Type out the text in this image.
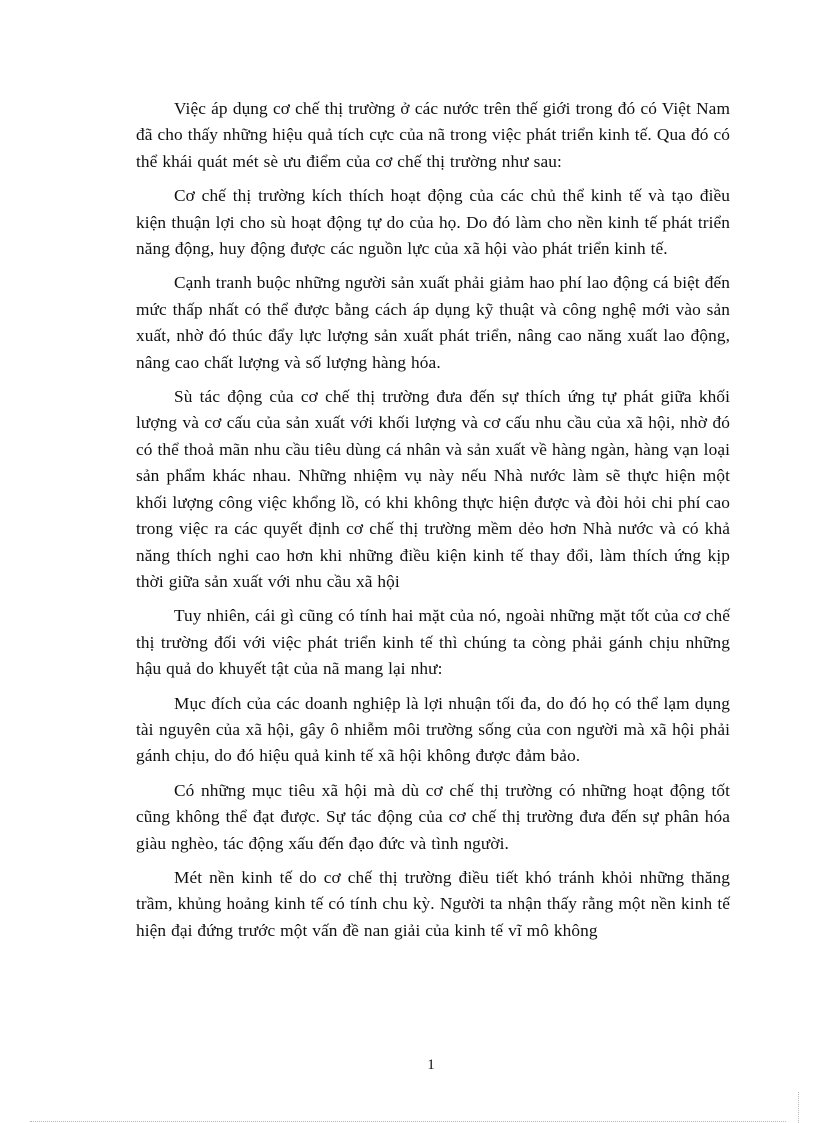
Việc áp dụng cơ chế thị trường ở các nước trên thế giới trong đó có Việt Nam đã cho thấy những hiệu quả tích cực của nã trong việc phát triển kinh tế. Qua đó có thể khái quát mét sè ưu điểm của cơ chế thị trường như sau:

Cơ chế thị trường kích thích hoạt động của các chủ thể kinh tế và tạo điều kiện thuận lợi cho sù hoạt động tự do của họ. Do đó làm cho nền kinh tế phát triển năng động, huy động được các nguồn lực của xã hội vào phát triển kinh tế.

Cạnh tranh buộc những người sản xuất phải giảm hao phí lao động cá biệt đến mức thấp nhất có thể được bằng cách áp dụng kỹ thuật và công nghệ mới vào sản xuất, nhờ đó thúc đẩy lực lượng sản xuất phát triển, nâng cao năng xuất lao động, nâng cao chất lượng và số lượng hàng hóa.

Sù tác động của cơ chế thị trường đưa đến sự thích ứng tự phát giữa khối lượng và cơ cấu của sản xuất với khối lượng và cơ cấu nhu cầu của xã hội, nhờ đó có thể thoả mãn nhu cầu tiêu dùng cá nhân và sản xuất về hàng ngàn, hàng vạn loại sản phẩm khác nhau. Những nhiệm vụ này nếu Nhà nước làm sẽ thực hiện một khối lượng công việc khổng lồ, có khi không thực hiện được và đòi hỏi chi phí cao trong việc ra các quyết định cơ chế thị trường mềm dẻo hơn Nhà nước và có khả năng thích nghi cao hơn khi những điều kiện kinh tế thay đổi, làm thích ứng kịp thời giữa sản xuất với nhu cầu xã hội

Tuy nhiên, cái gì cũng có tính hai mặt của nó, ngoài những mặt tốt của cơ chế thị trường đối với việc phát triển kinh tế thì chúng ta còng phải gánh chịu những hậu quả do khuyết tật của nã mang lại như:

Mục đích của các doanh nghiệp là lợi nhuận tối đa, do đó họ có thể lạm dụng tài nguyên của xã hội, gây ô nhiễm môi trường sống của con người mà xã hội phải gánh chịu, do đó hiệu quả kinh tế xã hội không được đảm bảo.

Có những mục tiêu xã hội mà dù cơ chế thị trường có những hoạt động tốt cũng không thể đạt được. Sự tác động của cơ chế thị trường đưa đến sự phân hóa giàu nghèo, tác động xấu đến đạo đức và tình người.

Mét nền kinh tế do cơ chế thị trường điều tiết khó tránh khỏi những thăng trầm, khủng hoảng kinh tế có tính chu kỳ. Người ta nhận thấy rằng một nền kinh tế hiện đại đứng trước một vấn đề nan giải của kinh tế vĩ mô không

1
